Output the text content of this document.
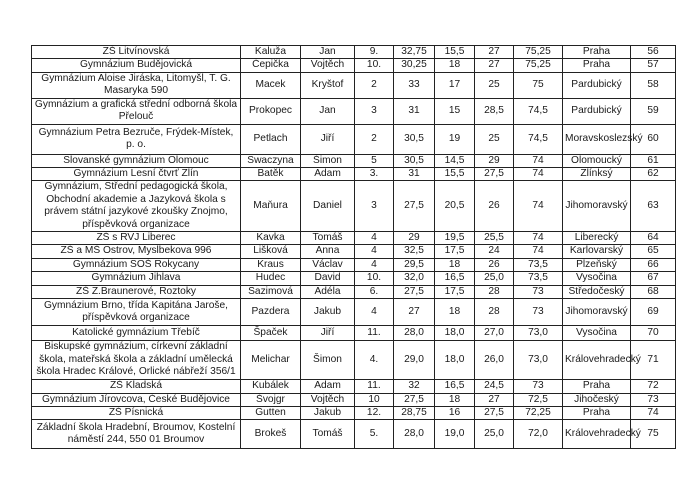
ZŠ Litvínovská	Kaluža	Jan	9.	32,75	15,5	27	75,25	Praha	56
Gymnázium Budějovická	Čepička	Vojtěch	10.	30,25	18	27	75,25	Praha	57
Gymnázium Aloise Jiráska, Litomyšl, T. G. Masaryka 590	Macek	Kryštof	2	33	17	25	75	Pardubický	58
Gymnázium a grafická střední odborná škola Přelouč	Prokopec	Jan	3	31	15	28,5	74,5	Pardubický	59
Gymnázium Petra Bezruče, Frýdek-Místek, p. o.	Petlach	Jiří	2	30,5	19	25	74,5	Moravskoslezský	60
Slovanské gymnázium Olomouc	Swaczyna	Šimon	5	30,5	14,5	29	74	Olomoucký	61
Gymnázium Lesní čtvrť Zlín	Batěk	Adam	3.	31	15,5	27,5	74	Zlínksý	62
Gymnázium, Střední pedagogická škola, Obchodní akademie a Jazyková škola s právem státní jazykové zkoušky Znojmo, příspěvková organizace	Maňura	Daniel	3	27,5	20,5	26	74	Jihomoravský	63
ZŠ s RVJ Liberec	Kavka	Tomáš	4	29	19,5	25,5	74	Liberecký	64
ZŠ a MŠ Ostrov, Myslbekova 996	Lišková	Anna	4	32,5	17,5	24	74	Karlovarský	65
Gymnázium SOŠ Rokycany	Kraus	Václav	4	29,5	18	26	73,5	Plzeňský	66
Gymnázium Jihlava	Hudec	David	10.	32,0	16,5	25,0	73,5	Vysočina	67
ZŠ Z.Braunerové, Roztoky	Sazimová	Adéla	6.	27,5	17,5	28	73	Středočeský	68
Gymnázium Brno, třída Kapitána Jaroše, příspěvková organizace	Pazdera	Jakub	4	27	18	28	73	Jihomoravský	69
Katolické gymnázium Třebíč	Špaček	Jiří	11.	28,0	18,0	27,0	73,0	Vysočina	70
Biskupské gymnázium, církevní základní škola, mateřská škola a základní umělecká škola Hradec Králové, Orlické nábřeží 356/1	Melichar	Šimon	4.	29,0	18,0	26,0	73,0	Královehradecký	71
ZŠ Kladská	Kubálek	Adam	11.	32	16,5	24,5	73	Praha	72
Gymnázium Jírovcova, České Budějovice	Švojgr	Vojtěch	10	27,5	18	27	72,5	Jihočeský	73
ZŠ Písnická	Gutten	Jakub	12.	28,75	16	27,5	72,25	Praha	74
Základní škola Hradební, Broumov, Kostelní náměstí 244, 550 01 Broumov	Brokeš	Tomáš	5.	28,0	19,0	25,0	72,0	Královehradecký	75
